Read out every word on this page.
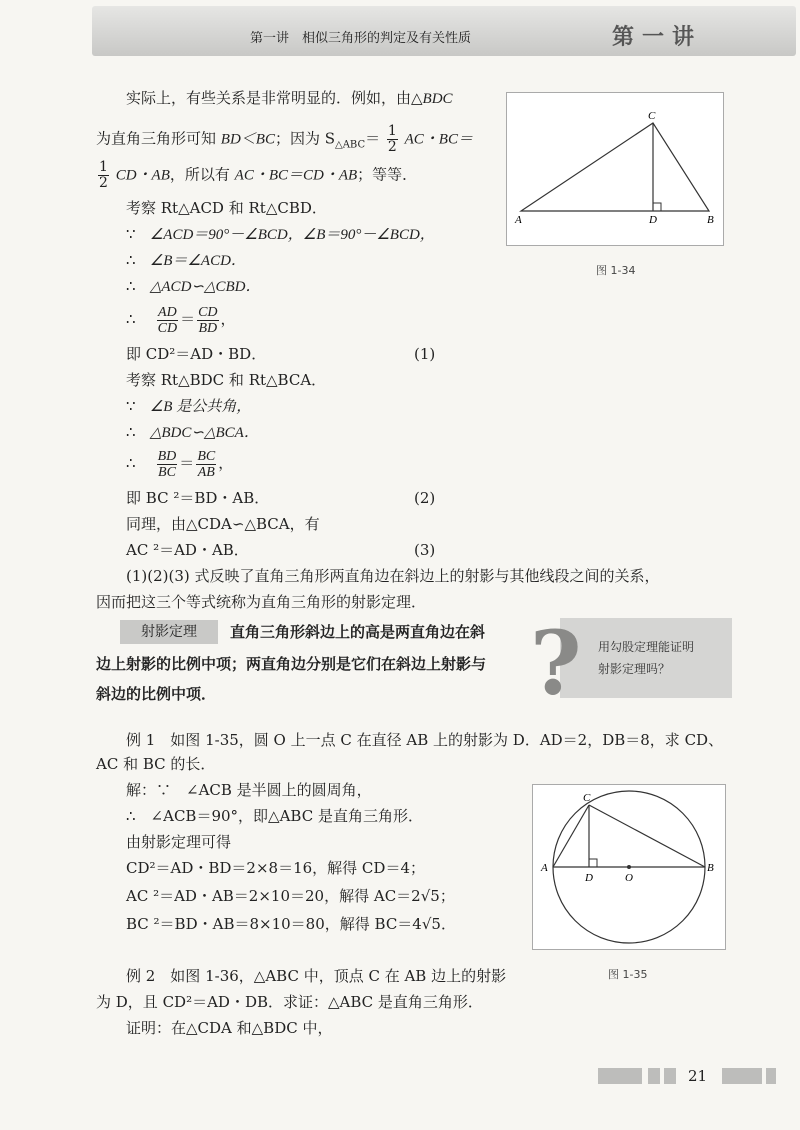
第一讲　相似三角形的判定及有关性质	第一讲
实际上，有些关系是非常明显的．例如，由△BDC
为直角三角形可知 BD＜BC；因为 $S_{\triangle ABC}= \frac{1}{2}$ AC・BC＝
$\frac{1}{2}$ CD・AB，所以有 AC・BC＝CD・AB；等等．
考察 Rt△ACD 和 Rt△CBD．
∵ ∠ACD＝90°－∠BCD，∠B＝90°－∠BCD，
∴ ∠B＝∠ACD．
∴ △ACD∽△CBD．
∴ $\frac{AD}{CD} = \frac{CD}{BD}$ ，
即 CD²＝AD・BD．	(1)
考察 Rt△BDC 和 Rt△BCA．
∵ ∠B 是公共角，
∴ △BDC∽△BCA．
∴ $\frac{BD}{BC} = \frac{BC}{AB}$ ，
即 BC ²＝BD・AB．	(2)
同理，由△CDA∽△BCA，有
AC ²＝AD・AB．	(3)
(1)(2)(3) 式反映了直角三角形两直角边在斜边上的射影与其他线段之间的关系，
因而把这三个等式统称为直角三角形的射影定理．
射影定理	直角三角形斜边上的高是两直角边在斜
边上射影的比例中项；两直角边分别是它们在斜边上射影与
斜边的比例中项．	?	用勾股定理能证明
射影定理吗？
例 1　如图 1-35，圆 O 上一点 C 在直径 AB 上的射影为 D．AD＝2，DB＝8，求 CD、
AC 和 BC 的长．
解：∵　∠ACB 是半圆上的圆周角，
∴　∠ACB＝90°，即△ABC 是直角三角形．
由射影定理可得
CD²＝AD・BD＝2×8＝16，解得 CD＝4；
AC ²＝AD・AB＝2×10＝20，解得 AC＝2√5；
BC ²＝BD・AB＝8×10＝80，解得 BC＝4√5．
例 2　如图 1-36，△ABC 中，顶点 C 在 AB 边上的射影
为 D，且 CD²＝AD・DB．求证：△ABC 是直角三角形．
证明：在△CDA 和△BDC 中，
A	B
C
D
图 1-34
A	B
C
D	O
图 1-35
21
